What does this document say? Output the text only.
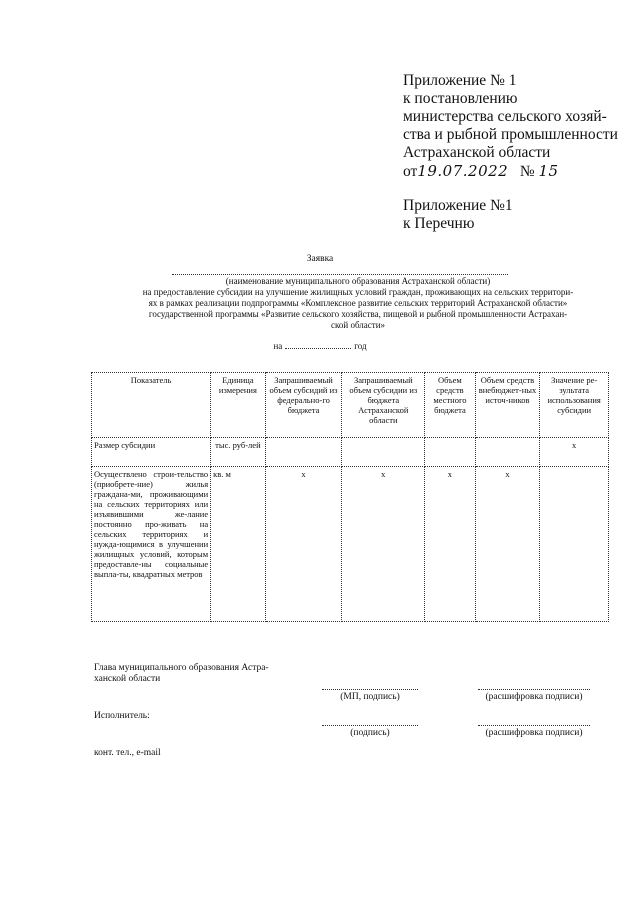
Приложение № 1
к постановлению
министерства сельского хозяй-
ства и рыбной промышленности
Астраханской области
от19.07.2022 № 15
Приложение №1
к Перечню
Заявка
(наименование муниципального образования Астраханской области)
на предоставление субсидии на улучшение жилищных условий граждан, проживающих на сельских территори-
ях в рамках реализации подпрограммы «Комплексное развитие сельских территорий Астраханской области»
государственной программы «Развитие сельского хозяйства, пищевой и рыбной промышленности Астрахан-
ской области»
на	год
Показатель	Единица измерения	Запрашиваемый объем субсидий из федерально-го бюджета	Запрашиваемый объем субсидии из бюджета Астраханской области	Объем средств местного бюджета	Объем средств внебюджет-ных источ-ников	Значение ре-зультата использования субсидии
Размер субсидии	тыс. руб-лей					x
Осуществлено строи-тельство (приобрете-ние) жилья граждана-ми, проживающими на сельских территориях или изъявившими же-лание постоянно про-живать на сельских территориях и нужда-ющимися в улучшении жилищных условий, которым предоставле-ны социальные выпла-ты, квадратных метров	кв. м	x	x	x	x	
Глава муниципального образования Астра-
ханской области
(МП, подпись)	(расшифровка подписи)
Исполнитель:
(подпись)	(расшифровка подписи)
конт. тел., e-mail
